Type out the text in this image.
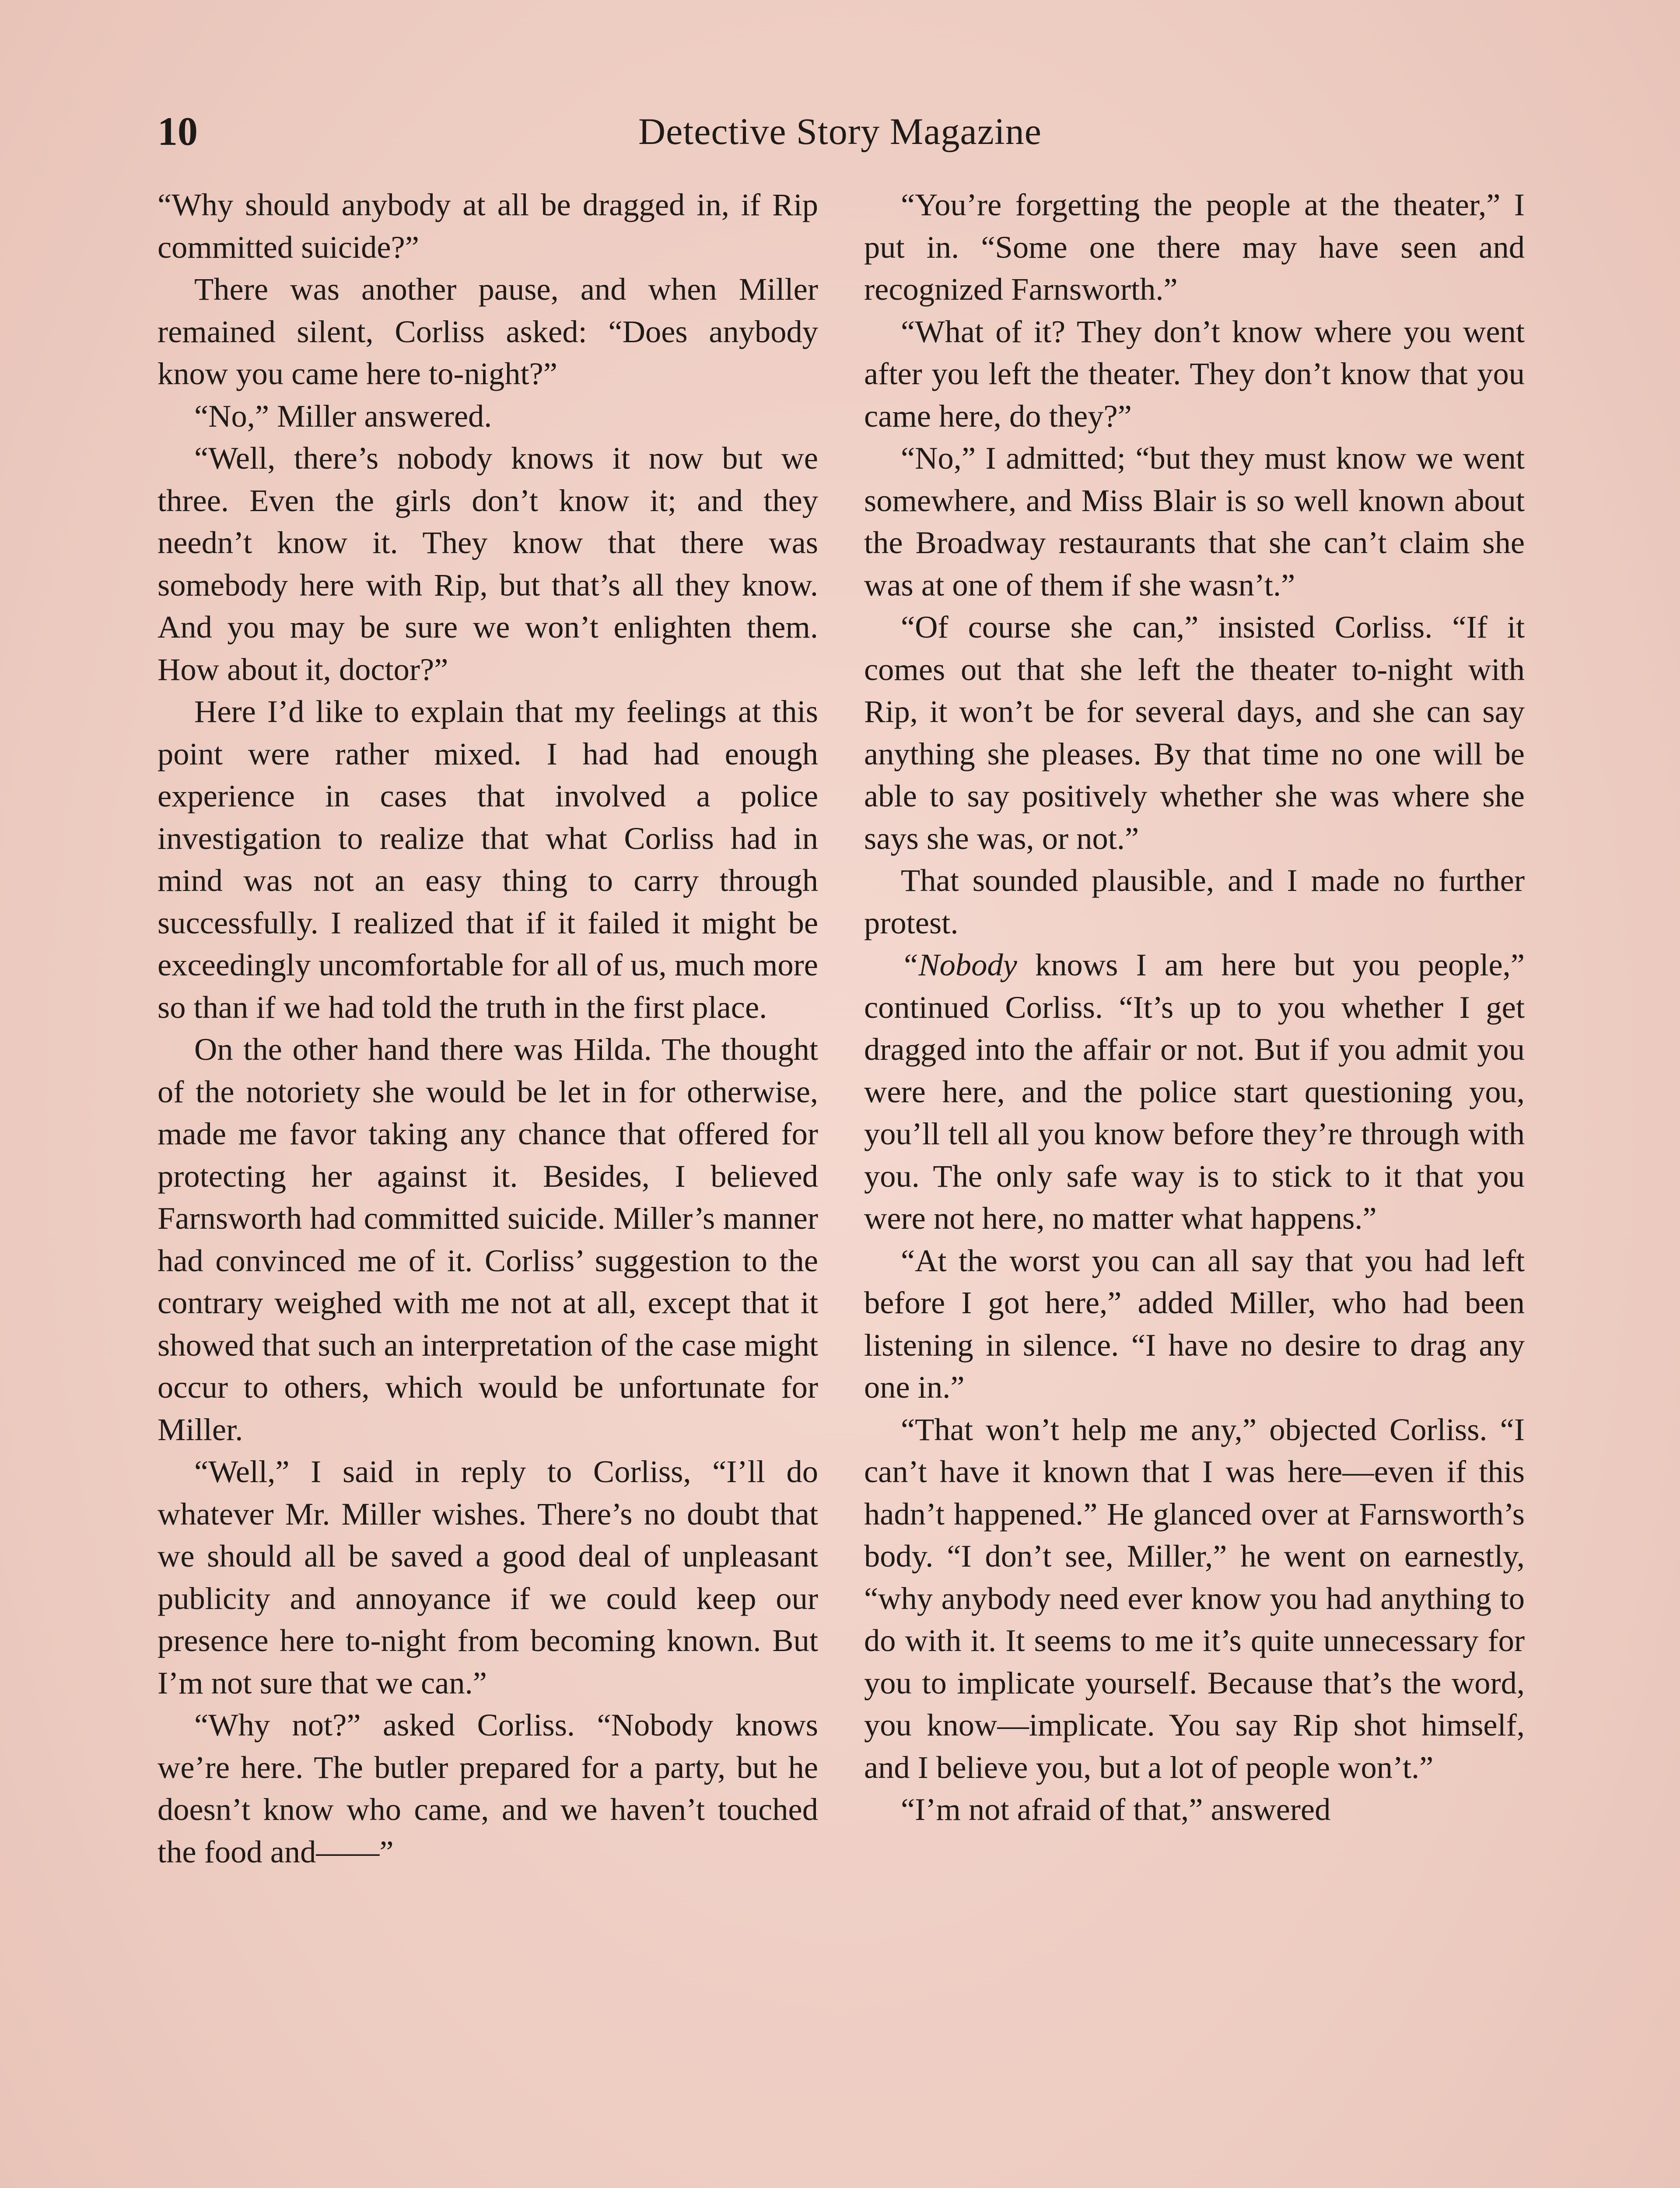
10	Detective Story Magazine

“Why should anybody at all be dragged in, if Rip committed suicide?”

There was another pause, and when Miller remained silent, Corliss asked: “Does anybody know you came here to-night?”

“No,” Miller answered.

“Well, there’s nobody knows it now but we three. Even the girls don’t know it; and they needn’t know it. They know that there was somebody here with Rip, but that’s all they know. And you may be sure we won’t enlighten them. How about it, doctor?”

Here I’d like to explain that my feelings at this point were rather mixed. I had had enough experience in cases that involved a police investigation to realize that what Corliss had in mind was not an easy thing to carry through successfully. I realized that if it failed it might be exceedingly uncomfortable for all of us, much more so than if we had told the truth in the first place.

On the other hand there was Hilda. The thought of the notoriety she would be let in for otherwise, made me favor taking any chance that offered for protecting her against it. Besides, I believed Farnsworth had committed suicide. Miller’s manner had convinced me of it. Corliss’ suggestion to the contrary weighed with me not at all, except that it showed that such an interpretation of the case might occur to others, which would be unfortunate for Miller.

“Well,” I said in reply to Corliss, “I’ll do whatever Mr. Miller wishes. There’s no doubt that we should all be saved a good deal of unpleasant publicity and annoyance if we could keep our presence here to-night from becoming known. But I’m not sure that we can.”

“Why not?” asked Corliss. “Nobody knows we’re here. The butler prepared for a party, but he doesn’t know who came, and we haven’t touched the food and——”

“You’re forgetting the people at the theater,” I put in. “Some one there may have seen and recognized Farnsworth.”

“What of it? They don’t know where you went after you left the theater. They don’t know that you came here, do they?”

“No,” I admitted; “but they must know we went somewhere, and Miss Blair is so well known about the Broadway restaurants that she can’t claim she was at one of them if she wasn’t.”

“Of course she can,” insisted Corliss. “If it comes out that she left the theater to-night with Rip, it won’t be for several days, and she can say anything she pleases. By that time no one will be able to say positively whether she was where she says she was, or not.”

That sounded plausible, and I made no further protest.

“Nobody knows I am here but you people,” continued Corliss. “It’s up to you whether I get dragged into the affair or not. But if you admit you were here, and the police start questioning you, you’ll tell all you know before they’re through with you. The only safe way is to stick to it that you were not here, no matter what happens.”

“At the worst you can all say that you had left before I got here,” added Miller, who had been listening in silence. “I have no desire to drag any one in.”

“That won’t help me any,” objected Corliss. “I can’t have it known that I was here—even if this hadn’t happened.” He glanced over at Farnsworth’s body. “I don’t see, Miller,” he went on earnestly, “why anybody need ever know you had anything to do with it. It seems to me it’s quite unnecessary for you to implicate yourself. Because that’s the word, you know—implicate. You say Rip shot himself, and I believe you, but a lot of people won’t.”

“I’m not afraid of that,” answered
